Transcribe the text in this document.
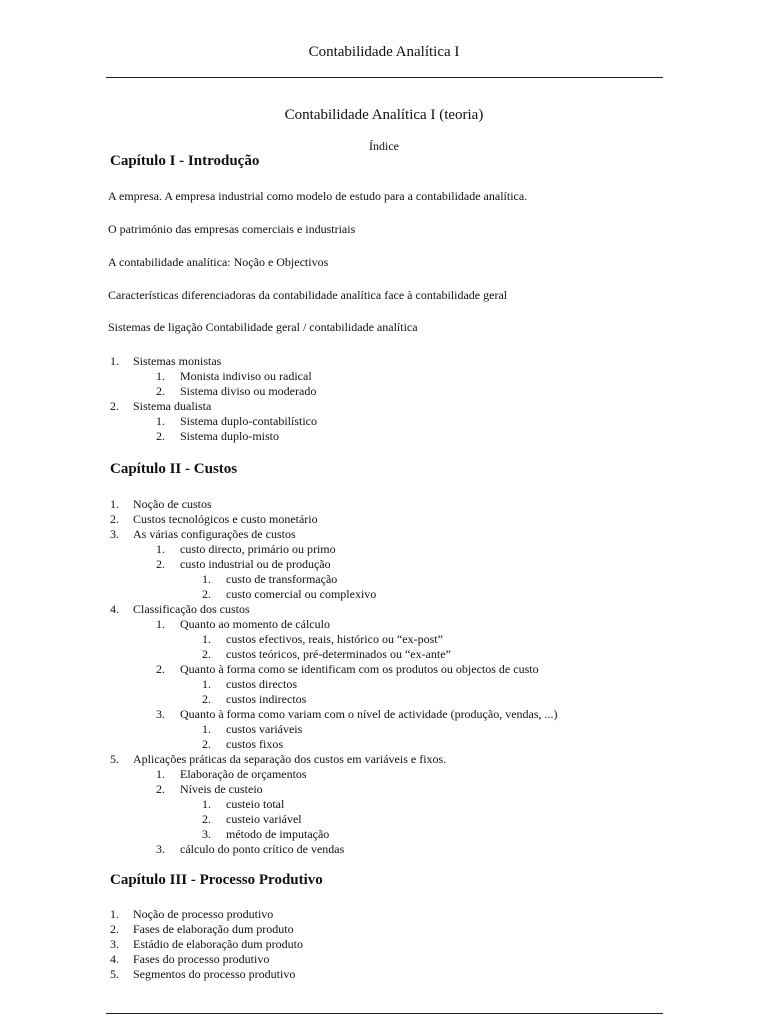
Contabilidade Analítica I
Contabilidade Analítica I (teoria)
Índice
Capítulo I - Introdução
A empresa. A empresa industrial como modelo de estudo para a contabilidade analítica.
O património das empresas comerciais e industriais
A contabilidade analítica: Noção e Objectivos
Características diferenciadoras da contabilidade analítica face à contabilidade geral
Sistemas de ligação Contabilidade geral / contabilidade analítica
1. Sistemas monistas
1. Monista indiviso ou radical
2. Sistema diviso ou moderado
2. Sistema dualista
1. Sistema duplo-contabilístico
2. Sistema duplo-misto
Capítulo II - Custos
1. Noção de custos
2. Custos tecnológicos e custo monetário
3. As várias configurações de custos
1. custo directo, primário ou primo
2. custo industrial ou de produção
1. custo de transformação
2. custo comercial ou complexivo
4. Classificação dos custos
1. Quanto ao momento de cálculo
1. custos efectivos, reais, histórico ou “ex-post”
2. custos teóricos, pré-determinados ou “ex-ante”
2. Quanto à forma como se identificam com os produtos ou objectos de custo
1. custos directos
2. custos indirectos
3. Quanto à forma como variam com o nível de actividade (produção, vendas, ...)
1. custos variáveis
2. custos fixos
5. Aplicações práticas da separação dos custos em variáveis e fixos.
1. Elaboração de orçamentos
2. Níveis de custeio
1. custeio total
2. custeio variável
3. método de imputação
3. cálculo do ponto crítico de vendas
Capítulo III - Processo Produtivo
1. Noção de processo produtivo
2. Fases de elaboração dum produto
3. Estádio de elaboração dum produto
4. Fases do processo produtivo
5. Segmentos do processo produtivo
